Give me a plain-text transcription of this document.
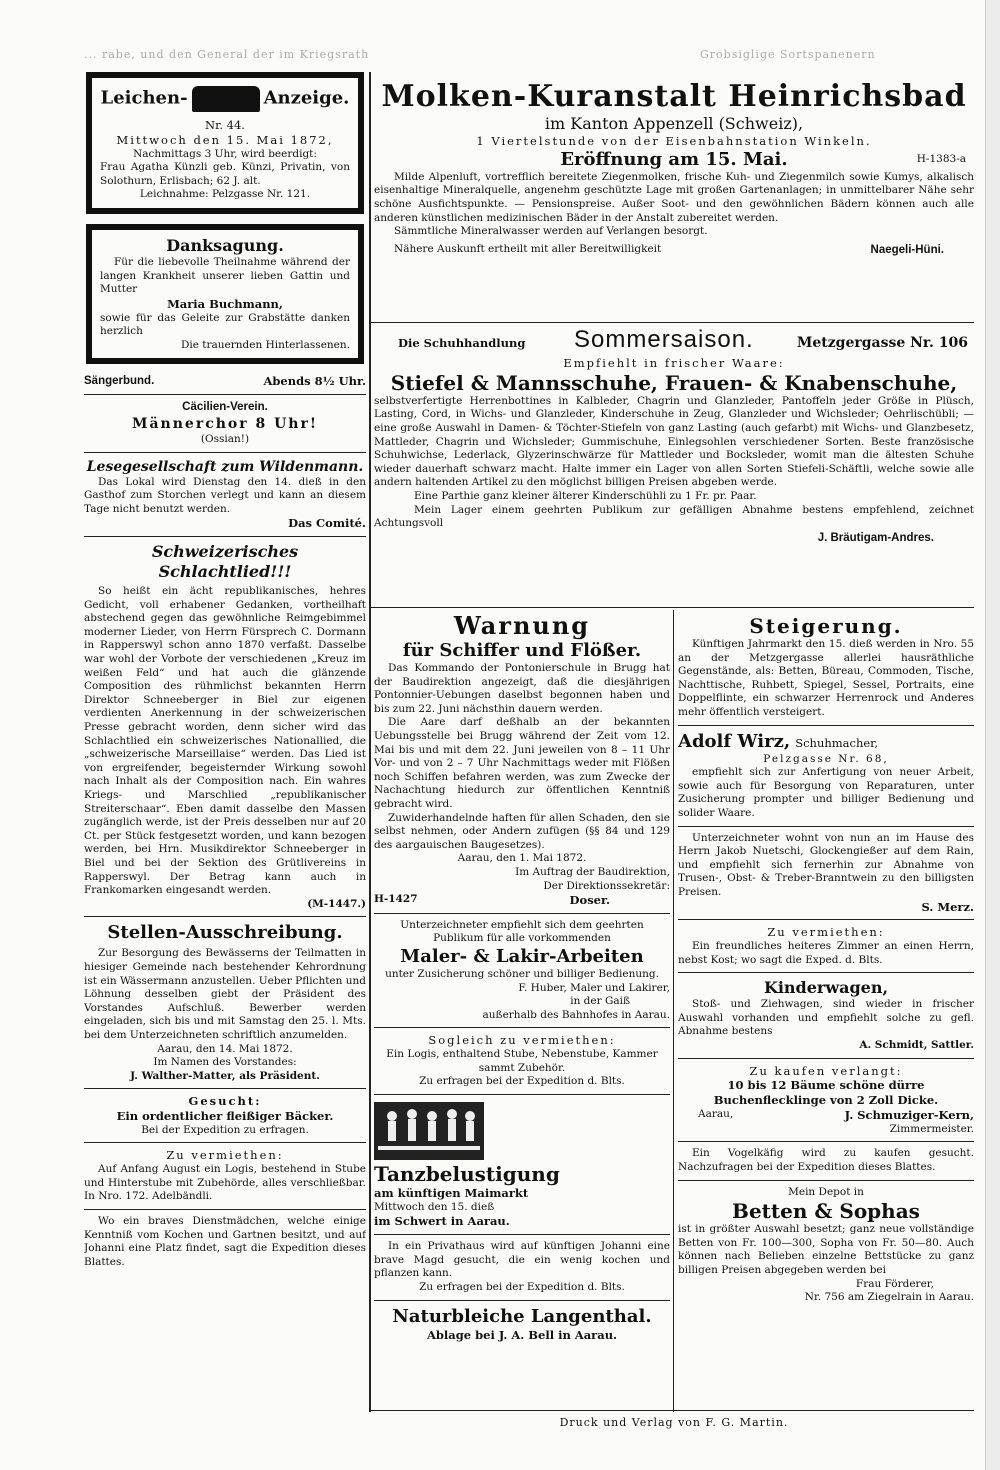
... rabe, und den General der im Kriegsrath	Grobsiglige Sortspanenern
Leichen-	Anzeige.

Nr. 44.

Mittwoch den 15. Mai 1872,

Nachmittags 3 Uhr, wird beerdigt:

Frau Agatha Künzli geb. Künzi, Privatin, von Solothurn, Erlisbach; 62 J. alt.

Leichnahme: Pelzgasse Nr. 121.

Danksagung.

Für die liebevolle Theilnahme während der langen Krankheit unserer lieben Gattin und Mutter

Maria Buchmann,

sowie für das Geleite zur Grabstätte danken herzlich

Die trauernden Hinterlassenen.

Sängerbund.	Abends 8½ Uhr.

Cäcilien-Verein.

Männerchor 8 Uhr!

(Ossian!)

Lesegesellschaft zum Wildenmann.

Das Lokal wird Dienstag den 14. dieß in den Gasthof zum Storchen verlegt und kann an diesem Tage nicht benutzt werden.

Das Comité.

Schweizerisches Schlachtlied!!!

So heißt ein ächt republikanisches, hehres Gedicht, voll erhabener Gedanken, vortheilhaft abstechend gegen das gewöhnliche Reimgebimmel moderner Lieder, von Herrn Fürsprech C. Dormann in Rapperswyl schon anno 1870 verfaßt. Dasselbe war wohl der Vorbote der verschiedenen „Kreuz im weißen Feld“ und hat auch die glänzende Composition des rühmlichst bekannten Herrn Direktor Schneeberger in Biel zur eigenen verdienten Anerkennung in der schweizerischen Presse gebracht worden, denn sicher wird das Schlachtlied ein schweizerisches Nationallied, die „schweizerische Marseillaise“ werden. Das Lied ist von ergreifender, begeisternder Wirkung sowohl nach Inhalt als der Composition nach. Ein wahres Kriegs- und Marschlied „republikanischer Streiterschaar“. Eben damit dasselbe den Massen zugänglich werde, ist der Preis desselben nur auf 20 Ct. per Stück festgesetzt worden, und kann bezogen werden, bei Hrn. Musikdirektor Schneeberger in Biel und bei der Sektion des Grütlivereins in Rapperswyl. Der Betrag kann auch in Frankomarken eingesandt werden.

(M-1447.)

Stellen-Ausschreibung.

Zur Besorgung des Bewässerns der Teilmatten in hiesiger Gemeinde nach bestehender Kehrordnung ist ein Wässermann anzustellen. Ueber Pflichten und Löhnung desselben giebt der Präsident des Vorstandes Aufschluß. Bewerber werden eingeladen, sich bis und mit Samstag den 25. l. Mts. bei dem Unterzeichneten schriftlich anzumelden.

Aarau, den 14. Mai 1872.

Im Namen des Vorstandes:

J. Walther-Matter, als Präsident.

Gesucht:

Ein ordentlicher fleißiger Bäcker.

Bei der Expedition zu erfragen.

Zu vermiethen:

Auf Anfang August ein Logis, bestehend in Stube und Hinterstube mit Zubehörde, alles verschließbar. In Nro. 172. Adelbändli.

Wo ein braves Dienstmädchen, welche einige Kenntniß vom Kochen und Gartnen besitzt, und auf Johanni eine Platz findet, sagt die Expedition dieses Blattes.

Molken-Kuranstalt Heinrichsbad

im Kanton Appenzell (Schweiz),

1 Viertelstunde von der Eisenbahnstation Winkeln.

Eröffnung am 15. Mai.	H-1383-a

Milde Alpenluft, vortrefflich bereitete Ziegenmolken, frische Kuh- und Ziegenmilch sowie Kumys, alkalisch eisenhaltige Mineralquelle, angenehm geschützte Lage mit großen Gartenanlagen; in unmittelbarer Nähe sehr schöne Ausfichtspunkte. — Pensionspreise. Außer Soot- und den gewöhnlichen Bädern können auch alle anderen künstlichen medizinischen Bäder in der Anstalt zubereitet werden.

Sämmtliche Mineralwasser werden auf Verlangen besorgt.

Nähere Auskunft ertheilt mit aller Bereitwilligkeit	Naegeli-Hüni.
Die Schuhhandlung Sommersaison.	Metzgergasse Nr. 106

Empfiehlt in frischer Waare:

Stiefel & Mannsschuhe, Frauen- & Knabenschuhe,

selbstverfertigte Herrenbottines in Kalbleder, Chagrin und Glanzleder, Pantoffeln jeder Größe in Plüsch, Lasting, Cord, in Wichs- und Glanzleder, Kinderschuhe in Zeug, Glanzleder und Wichsleder; Oehrlischübli; — eine große Auswahl in Damen- & Töchter-Stiefeln von ganz Lasting (auch gefarbt) mit Wichs- und Glanzbesetz, Mattleder, Chagrin und Wichsleder; Gummischuhe, Einlegsohlen verschiedener Sorten. Beste französische Schuhwichse, Lederlack, Glyzerinschwärze für Mattleder und Bocksleder, womit man die ältesten Schuhe wieder dauerhaft schwarz macht. Halte immer ein Lager von allen Sorten Stiefeli-Schäftli, welche sowie alle andern haltenden Artikel zu den möglichst billigen Preisen abgeben werde.

Eine Parthie ganz kleiner älterer Kinderschühli zu 1 Fr. pr. Paar.

Mein Lager einem geehrten Publikum zur gefälligen Abnahme bestens empfehlend, zeichnet Achtungsvoll

J. Bräutigam-Andres.

Warnung

für Schiffer und Flößer.

Das Kommando der Pontonierschule in Brugg hat der Baudirektion angezeigt, daß die diesjährigen Pontonnier-Uebungen daselbst begonnen haben und bis zum 22. Juni nächsthin dauern werden.

Die Aare darf deßhalb an der bekannten Uebungsstelle bei Brugg während der Zeit vom 12. Mai bis und mit dem 22. Juni jeweilen von 8 – 11 Uhr Vor- und von 2 – 7 Uhr Nachmittags weder mit Flößen noch Schiffen befahren werden, was zum Zwecke der Nachachtung hiedurch zur öffentlichen Kenntniß gebracht wird.

Zuwiderhandelnde haften für allen Schaden, den sie selbst nehmen, oder Andern zufügen (§§ 84 und 129 des aargauischen Baugesetzes).

Aarau, den 1. Mai 1872.

Im Auftrag der Baudirektion,

Der Direktionssekretär:

H-1427	Doser.

Unterzeichneter empfiehlt sich dem geehrten Publikum für alle vorkommenden

Maler- & Lakir-Arbeiten

unter Zusicherung schöner und billiger Bedienung.

F. Huber, Maler und Lakirer,

in der Gaiß

außerhalb des Bahnhofes in Aarau.

Sogleich zu vermiethen:

Ein Logis, enthaltend Stube, Nebenstube, Kammer sammt Zubehör.

Zu erfragen bei der Expedition d. Blts.

Tanzbelustigung

am künftigen Maimarkt

Mittwoch den 15. dieß

im Schwert in Aarau.

In ein Privathaus wird auf künftigen Johanni eine brave Magd gesucht, die ein wenig kochen und pflanzen kann.

Zu erfragen bei der Expedition d. Blts.

Naturbleiche Langenthal.

Ablage bei J. A. Bell in Aarau.

Steigerung.

Künftigen Jahrmarkt den 15. dieß werden in Nro. 55 an der Metzgergasse allerlei hausräthliche Gegenstände, als: Betten, Büreau, Commoden, Tische, Nachttische, Ruhbett, Spiegel, Sessel, Portraits, eine Doppelflinte, ein schwarzer Herrenrock und Anderes mehr öffentlich versteigert.

Adolf Wirz, Schuhmacher,

Pelzgasse Nr. 68,

empfiehlt sich zur Anfertigung von neuer Arbeit, sowie auch für Besorgung von Reparaturen, unter Zusicherung prompter und billiger Bedienung und solider Waare.

Unterzeichneter wohnt von nun an im Hause des Herrn Jakob Nuetschi, Glockengießer auf dem Rain, und empfiehlt sich fernerhin zur Abnahme von Trusen-, Obst- & Treber-Branntwein zu den billigsten Preisen.

S. Merz.

Zu vermiethen:

Ein freundliches heiteres Zimmer an einen Herrn, nebst Kost; wo sagt die Exped. d. Blts.

Kinderwagen,

Stoß- und Ziehwagen, sind wieder in frischer Auswahl vorhanden und empfiehlt solche zu gefl. Abnahme bestens

A. Schmidt, Sattler.

Zu kaufen verlangt:

10 bis 12 Bäume schöne dürre Buchenflecklinge von 2 Zoll Dicke.

Aarau,	J. Schmuziger-Kern,

Zimmermeister.

Ein Vogelkäfig wird zu kaufen gesucht. Nachzufragen bei der Expedition dieses Blattes.

Mein Depot in

Betten & Sophas

ist in größter Auswahl besetzt; ganz neue vollständige Betten von Fr. 100—300, Sopha von Fr. 50—80. Auch können nach Belieben einzelne Bettstücke zu ganz billigen Preisen abgegeben werden bei

Frau Förderer,

Nr. 756 am Ziegelrain in Aarau.

Druck und Verlag von F. G. Martin.
